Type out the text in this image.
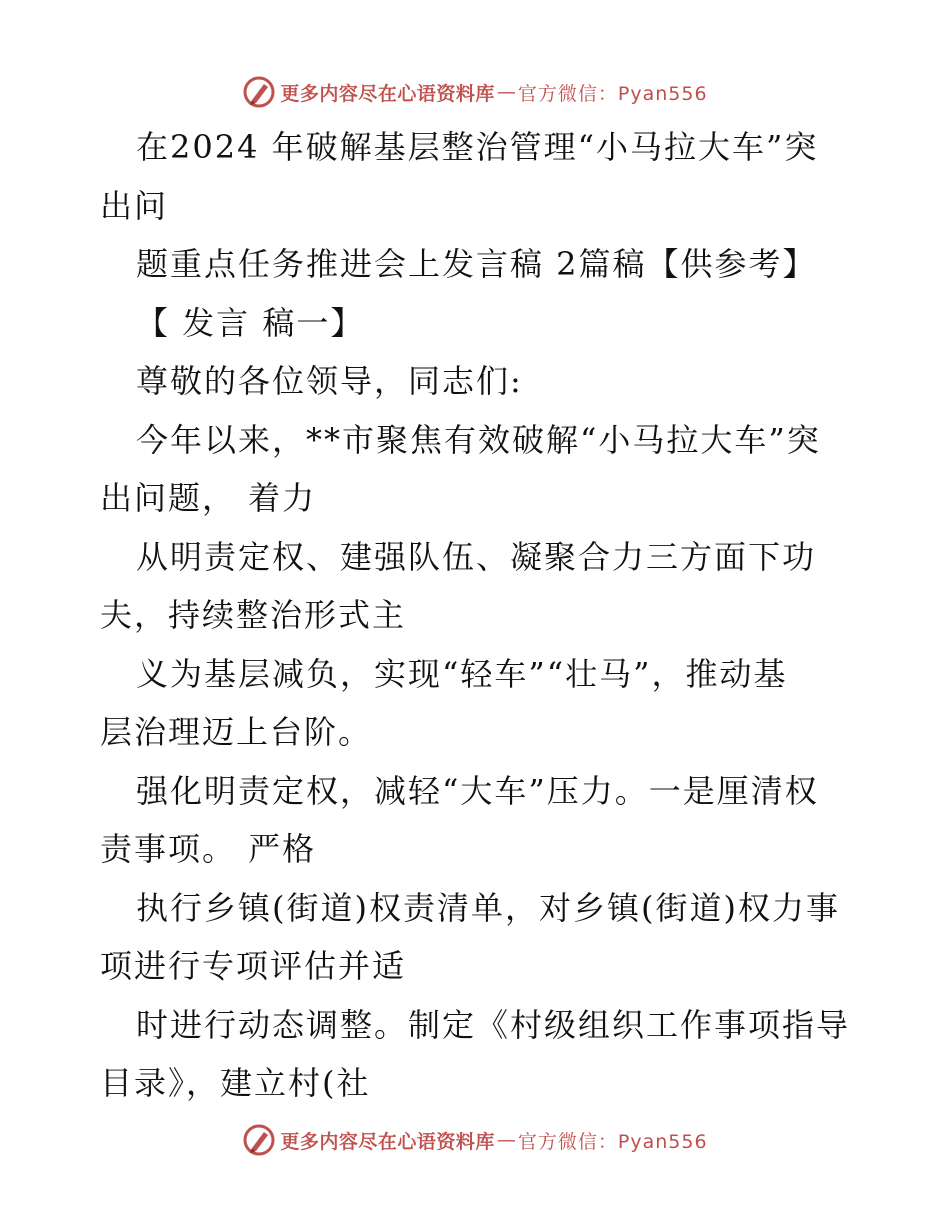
更多内容尽在心语资料库 — 官方微信：Pyan556
在2024 年破解基层整治管理“小马拉大车”突
出问
题重点任务推进会上发言稿 2篇稿【供参考】
【 发言 稿一】
尊敬的各位领导，同志们:
今年以来，**市聚焦有效破解“小马拉大车”突
出问题， 着力
从明责定权、建强队伍、凝聚合力三方面下功
夫，持续整治形式主
义为基层减负，实现“轻车”“壮马”，推动基
层治理迈上台阶。
强化明责定权，减轻“大车”压力。一是厘清权
责事项。 严格
执行乡镇(街道)权责清单，对乡镇(街道)权力事
项进行专项评估并适
时进行动态调整。制定《村级组织工作事项指导
目录》，建立村(社
更多内容尽在心语资料库 — 官方微信：Pyan556
